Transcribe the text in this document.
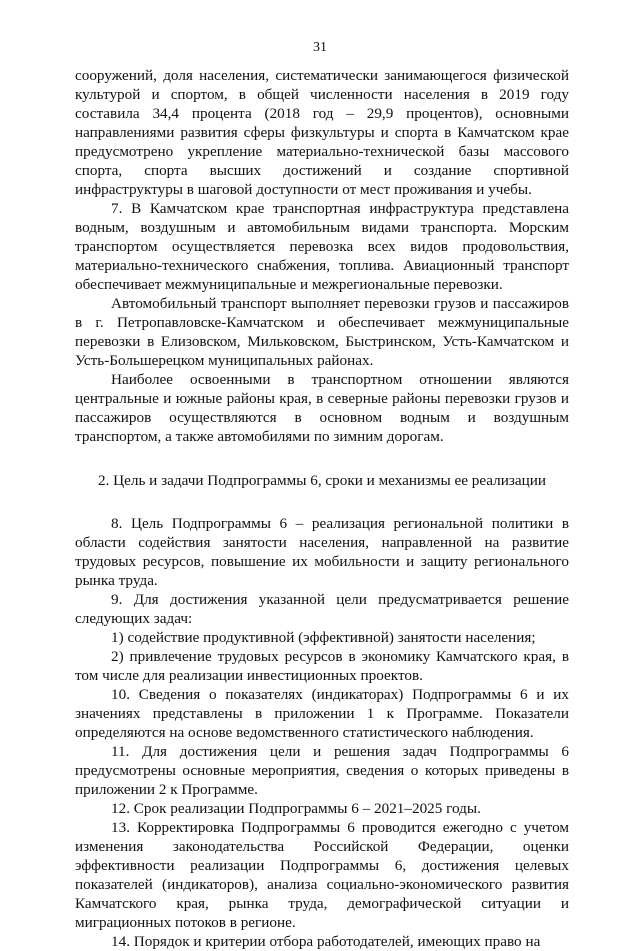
31

сооружений, доля населения, систематически занимающегося физической культурой и спортом, в общей численности населения в 2019 году составила 34,4 процента (2018 год – 29,9 процентов), основными направлениями развития сферы физкультуры и спорта в Камчатском крае предусмотрено укрепление материально-технической базы массового спорта, спорта высших достижений и создание спортивной инфраструктуры в шаговой доступности от мест проживания и учебы.

7. В Камчатском крае транспортная инфраструктура представлена водным, воздушным и автомобильным видами транспорта. Морским транспортом осуществляется перевозка всех видов продовольствия, материально-технического снабжения, топлива. Авиационный транспорт обеспечивает межмуниципальные и межрегиональные перевозки.

Автомобильный транспорт выполняет перевозки грузов и пассажиров в г. Петропавловске-Камчатском и обеспечивает межмуниципальные перевозки в Елизовском, Мильковском, Быстринском, Усть-Камчатском и Усть-Большерецком муниципальных районах.

Наиболее освоенными в транспортном отношении являются центральные и южные районы края, в северные районы перевозки грузов и пассажиров осуществляются в основном водным и воздушным транспортом, а также автомобилями по зимним дорогам.

2. Цель и задачи Подпрограммы 6, сроки и механизмы ее реализации

8. Цель Подпрограммы 6 – реализация региональной политики в области содействия занятости населения, направленной на развитие трудовых ресурсов, повышение их мобильности и защиту регионального рынка труда.

9. Для достижения указанной цели предусматривается решение следующих задач:

1) содействие продуктивной (эффективной) занятости населения;

2) привлечение трудовых ресурсов в экономику Камчатского края, в том числе для реализации инвестиционных проектов.

10. Сведения о показателях (индикаторах) Подпрограммы 6 и их значениях представлены в приложении 1 к Программе. Показатели определяются на основе ведомственного статистического наблюдения.

11. Для достижения цели и решения задач Подпрограммы 6 предусмотрены основные мероприятия, сведения о которых приведены в приложении 2 к Программе.

12. Срок реализации Подпрограммы 6 – 2021–2025 годы.

13. Корректировка Подпрограммы 6 проводится ежегодно с учетом изменения законодательства Российской Федерации, оценки эффективности реализации Подпрограммы 6, достижения целевых показателей (индикаторов), анализа социально-экономического развития Камчатского края, рынка труда, демографической ситуации и миграционных потоков в регионе.

14. Порядок и критерии отбора работодателей, имеющих право на
